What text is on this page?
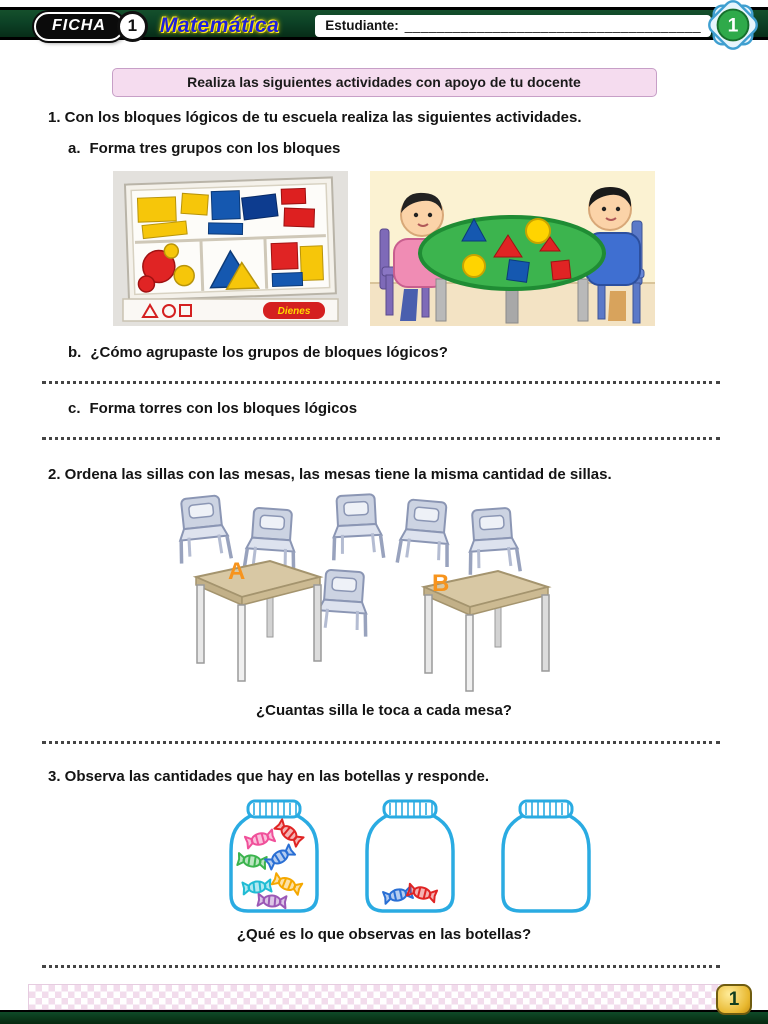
FICHA	1 Matemática	Estudiante: _____________________________________ 1
Realiza las siguientes actividades con apoyo de tu docente

1. Con los bloques lógicos de tu escuela realiza las siguientes actividades.

a. Forma tres grupos con los bloques

Dienes

b. ¿Cómo agrupaste los grupos de bloques lógicos?

c. Forma torres con los bloques lógicos

2. Ordena las sillas con las mesas, las mesas tiene la misma cantidad de sillas.

A	B

¿Cuantas silla le toca a cada mesa?

3. Observa las cantidades que hay en las botellas y responde.

¿Qué es lo que observas en las botellas?

1
